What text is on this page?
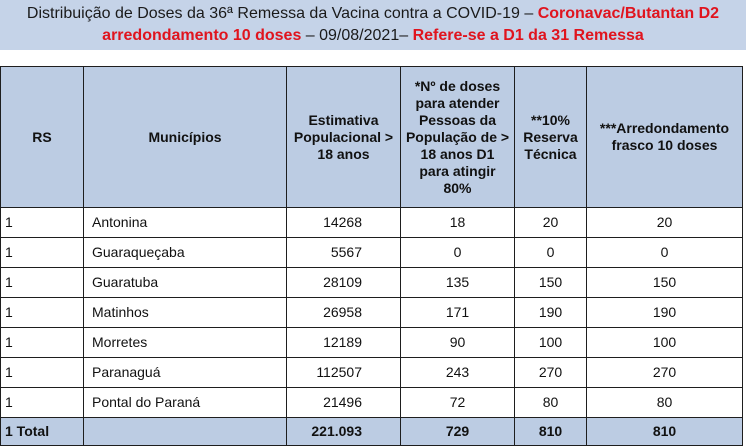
Distribuição de Doses da 36ª Remessa da Vacina contra a COVID-19 – Coronavac/Butantan D2
arredondamento 10 doses – 09/08/2021– Refere-se a D1 da 31 Remessa
RS	Municípios	Estimativa Populacional > 18 anos	*Nº de doses para atender Pessoas da População de > 18 anos D1 para atingir 80%	**10% Reserva Técnica	***Arredondamento frasco 10 doses
1	Antonina	14268	18	20	20
1	Guaraqueçaba	5567	0	0	0
1	Guaratuba	28109	135	150	150
1	Matinhos	26958	171	190	190
1	Morretes	12189	90	100	100
1	Paranaguá	112507	243	270	270
1	Pontal do Paraná	21496	72	80	80
1 Total		221.093	729	810	810
